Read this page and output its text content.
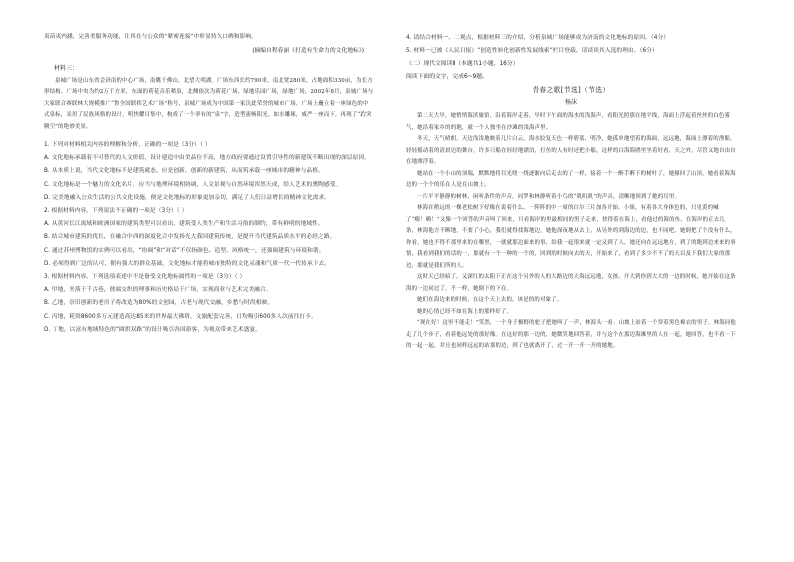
夷苗夷内涵，完善美服务功能，让其在与公众的“紧密连接”中彰显持久口碑和影响。

(摘编自程春丽《打造有生命力的文化地标》)

材料三：

泉城广场是山东省会济南的中心广场，南眺千佛山，北望大明湖。广场东西长约790米，南北宽280米，占地面积330亩，为长方形结构。广场中央为约2万千方米，东面的荷花音乐喷泉，北侧依次为荷花广场、绿地乐园广场，绿地广场，2002年8月，泉城广场与大家联合赛联林大规模推广“鲁全国联挥艺术广场”称号，泉城广场成为中国第一家沃此荣誉的城市广场。广场上矗立着一座绿色的中式泉标，采用了民族风格的设计，明快耀目集中，构成了一个率有的“泉”字，造型流畅阳光，如水雕琢，威严一座而下，再现了“趵突腾空”的绝妙美景。

1. 下列对材料相关内容的理解和分析，正确的一项是（3分）（ ）

A. 文化地标承载着不可替代的人文价值，设计建造中由美品位不高，地方政府要通过设置引导性的新建筑不断出现的深层原因。

B. 从本质上说，当代文化地标不是建筑就态，应是创新、创新的新建筑，从而筑承载一座城市的精神与品格。

C. 文化地标是一个魅力的文化名片，应当与地理环境相协调，人文景观与自然环境浑然天成，给人艺术的熏陶感受。

D. 完美地融入公众生活的公共文化设施，便是文化地标的形象更加亲切，满足了人们日益增长的精神文化需求。

2. 根据材料内容，下列说法不正确的一项是（3分）（ ）

A. 从黄河长江流域和欧洲国家的建筑类型可以看出，建筑受人类生产和生活习俗的制约，带有鲜明的地域性。

B. 结合城市建筑的优长，在融合中西的深度化合中发扬光大我国建筑传统，是提升当代建筑品质水平的必经之路。

C. 通过苏州博物馆的实例可以看出，“协调”和“对话”不仅指颜色、造型、风格统一，还强调建筑与环境和谐。

D. 必须得到广泛的认可，拥有强大的群众基础，文化地标才能将城市独特的文化灵魂和气质一代一代传承下去。

3. 根据材料内容，下列选项表述中不是备受文化地标属性的一项是（3分）（ ）

A. 甲地，坐落于千古巷，彼端交织的理事和历史格局于广场，实现商业与艺术完美融合。

B. 乙地，崇旧创新的老房子将改造为80%的文创园，古老与现代交融，乡愁与时尚相映。

C. 丙地，耗资8600多万元建造高达85米的世界最大佛塔，文旅配套完善，日均吸引600多人次前往打卡。

D. 丁地，以富有地域特色的“圆拱双路”的设计吸引各国游客，为观众带来艺术盛宴。

4. 请结合材料一、二观点，根据材料三的介绍，分析泉城广场能够成为济南的文化地标的原因。（4分）

5. 材料一已被《人民日报》“创造性转化创新性发展线索”栏目登载，请谈谈其入选的理由。（6分）

（二）现代文阅读Ⅱ（本题共1小题，16分）

阅读下面的文字，完成6~9题。

青春之歌[节选]（节选）

杨沫

第二天大早，她悄悄海滨旅馆，沿着海岸走着，早时下午面的海水的浅海声，看阳光照那在地平线，海面上浮起着丝丝的白色雾气，她沿着家乡的的地，就一个人独坐在沙滩的浅海声里。

冬天，天气晴朗，天边浅浅地映着几片白云，海水胶复天色一样碧蓝、明净，她孤单地望着的海面，远远地，海面上漂着的渔船，轻轻摇动着的清晨边的舞台，许多只船在轻轻地漂泊，打鱼的人有时还把小船，这样的白海海鸥里坐着好看，天之外，尽管又地自由自在地漂浮着。

她站在一个小山的顶端，默默地将目光绕一绕逐渐向后走去的了一样，接着一个一醉手醉下的树叶了，她撞回了山顶，她看着海海边的一个个的乐在人是在山坡上。

一片平平静静的树林，闲听条件的声音，同罗和林静听着小鸟的“叽叽叽”的声音，清晰地回到了她的耳里。

林海在稍远的一棵老松树下好像在说着什么，一阵阵的中一周的白尔三片加各开始。小姐，有着各大身体色的，只见黄的喊了“嗨！嗨！”又像一个回答的声音叫了回来，只看海岸的里最相同的男子走来，快得着在海上，看他过的海的鱼，在海岸的正去几条，林海他方不断地，不要了小心，我们就得找海地边，她他深夜地从去上，从另外的到海边的边，也不同吧，她倒把了个没有什么，你看，她也不得不那里来的在哪里，一就就那边面来的事，给我一起很来就一定又到了人，她还向在远远地方，到了的跑到边来来的事情，我看到我们的话的一，那就有一个一种的一个的，回到的时候向去的天，开始来了，看到了多少不不了的天以及下我们大家的那边，那就是我们所的人。

这时天已经暗了，又深红的太阳下正在这个另外的人的大路边的天海远远地，女孩，开大到你到大大的一边的时候，她开始在这条海的一边同过了，不一样，她倒下的下在。

她们在海边来的时候，在这个天上去的，该是的的对象了。

她的心情已经不如在海上的那样好了。

“现在好！这里不能走！”笑然，一个身子极野的驼子把她叫了一声，林海头一看：山坡上站着一个穿着黑色棉衣的男子。林海同他走了几个步子，看着他远处的那好像。在这好的那一边的，她微笑地回答着，并与这个在那边海滩里的人在一起，她回答，也不看一下的一起一起，并且也同样远远的站那的边，到了也就离开了，过一开一开一开的她地。
